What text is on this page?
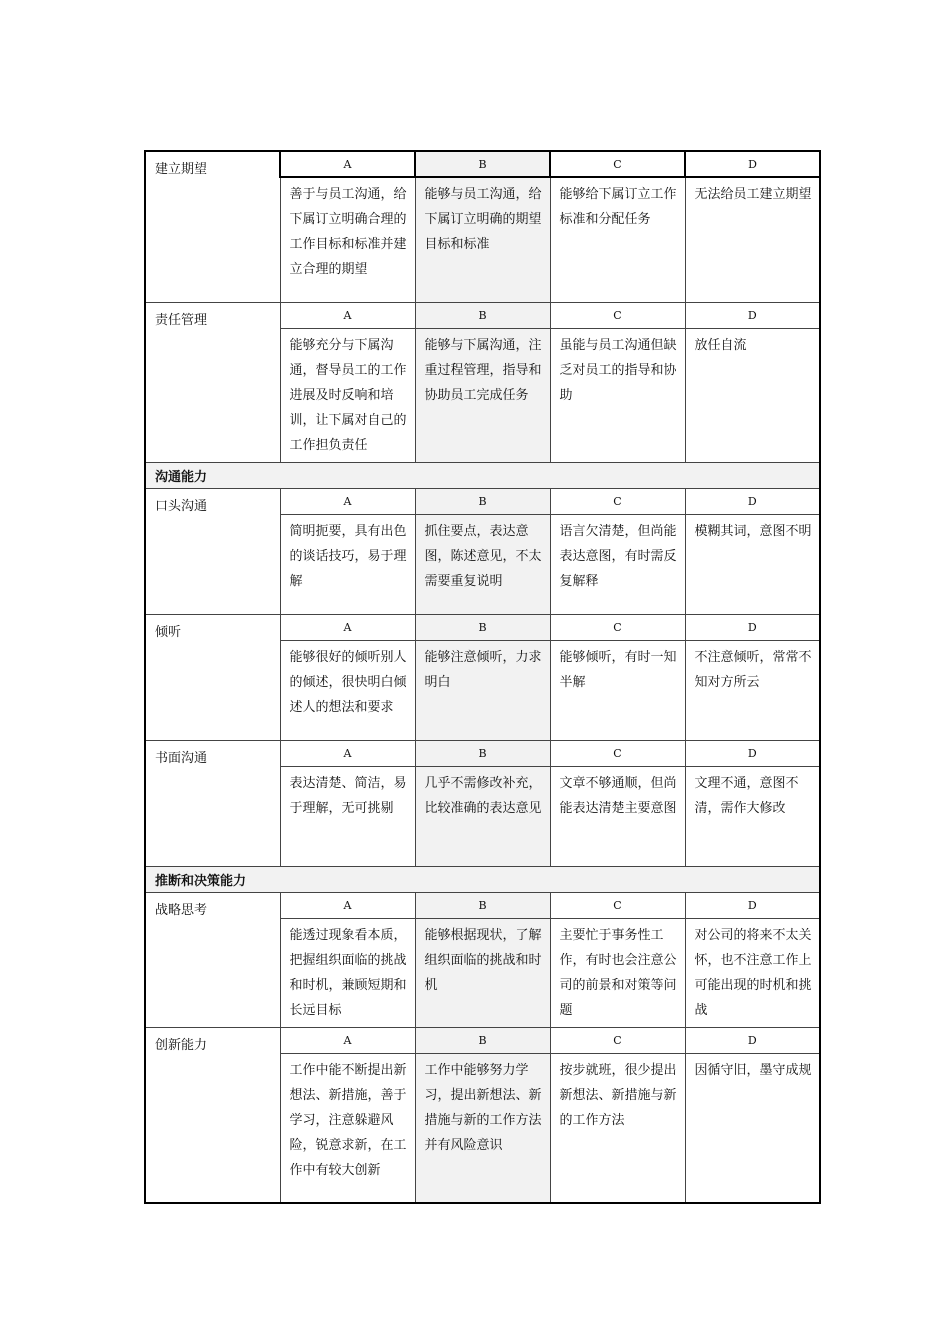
建立期望	A	B	C	D
	善于与员工沟通，给下属订立明确合理的工作目标和标准并建立合理的期望	能够与员工沟通，给下属订立明确的期望目标和标准	能够给下属订立工作标准和分配任务	无法给员工建立期望
责任管理	A	B	C	D
	能够充分与下属沟通，督导员工的工作进展及时反响和培训，让下属对自己的工作担负责任	能够与下属沟通，注重过程管理，指导和协助员工完成任务	虽能与员工沟通但缺乏对员工的指导和协助	放任自流
沟通能力				
口头沟通	A	B	C	D
	简明扼要，具有出色的谈话技巧，易于理解	抓住要点，表达意图，陈述意见，不太需要重复说明	语言欠清楚，但尚能表达意图，有时需反复解释	模糊其词，意图不明
倾听	A	B	C	D
	能够很好的倾听别人的倾述，很快明白倾述人的想法和要求	能够注意倾听，力求明白	能够倾听，有时一知半解	不注意倾听，常常不知对方所云
书面沟通	A	B	C	D
	表达清楚、简洁，易于理解，无可挑剔	几乎不需修改补充，比较准确的表达意见	文章不够通顺，但尚能表达清楚主要意图	文理不通，意图不清，需作大修改
推断和决策能力				
战略思考	A	B	C	D
	能透过现象看本质，把握组织面临的挑战和时机，兼顾短期和长远目标	能够根据现状，了解组织面临的挑战和时机	主要忙于事务性工作，有时也会注意公司的前景和对策等问题	对公司的将来不太关怀，也不注意工作上可能出现的时机和挑战
创新能力	A	B	C	D
	工作中能不断提出新想法、新措施，善于学习，注意躲避风险，锐意求新，在工作中有较大创新	工作中能够努力学习，提出新想法、新措施与新的工作方法并有风险意识	按步就班，很少提出新想法、新措施与新的工作方法	因循守旧，墨守成规
